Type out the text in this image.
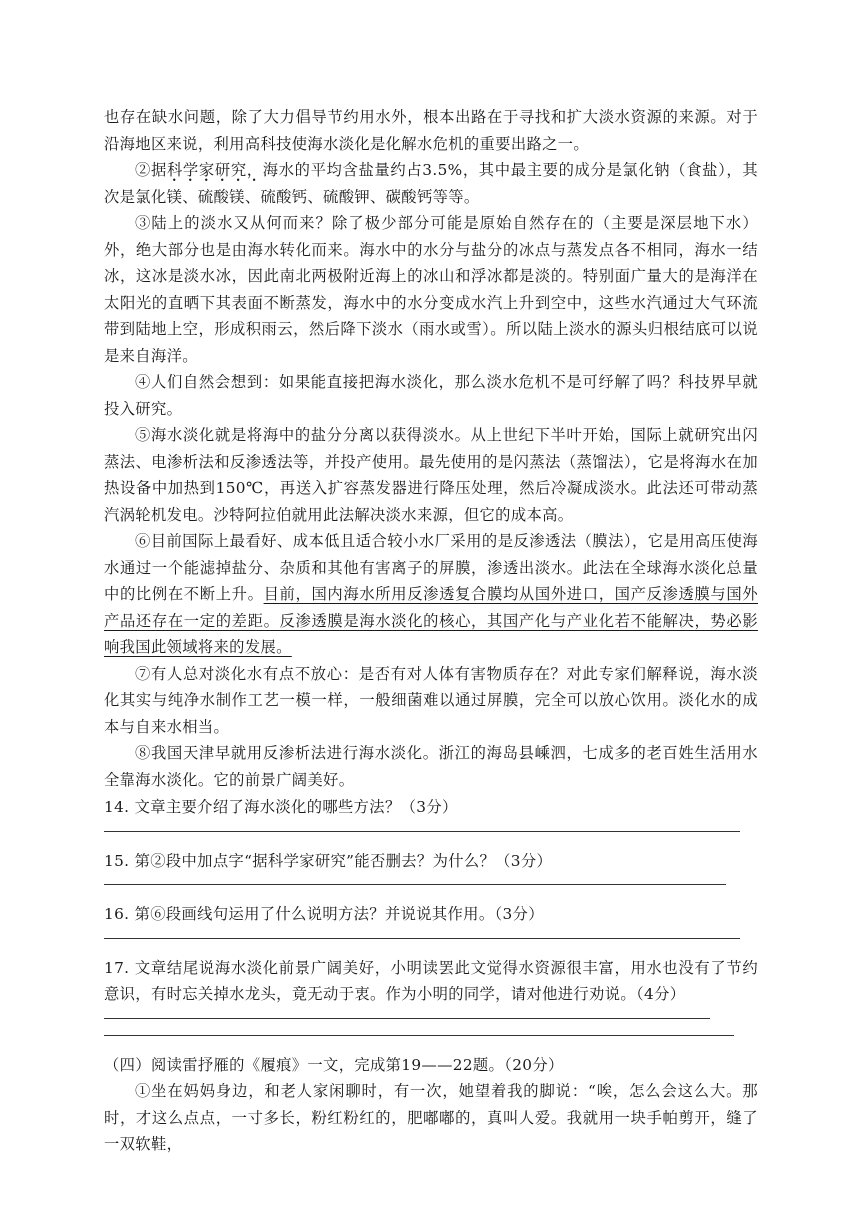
也存在缺水问题，除了大力倡导节约用水外，根本出路在于寻找和扩大淡水资源的来源。对于沿海地区来说，利用高科技使海水淡化是化解水危机的重要出路之一。

②据科学家研究，海水的平均含盐量约占3.5%，其中最主要的成分是氯化钠（食盐），其次是氯化镁、硫酸镁、硫酸钙、硫酸钾、碳酸钙等等。

③陆上的淡水又从何而来？除了极少部分可能是原始自然存在的（主要是深层地下水）外，绝大部分也是由海水转化而来。海水中的水分与盐分的冰点与蒸发点各不相同，海水一结冰，这冰是淡水冰，因此南北两极附近海上的冰山和浮冰都是淡的。特别面广量大的是海洋在太阳光的直晒下其表面不断蒸发，海水中的水分变成水汽上升到空中，这些水汽通过大气环流带到陆地上空，形成积雨云，然后降下淡水（雨水或雪）。所以陆上淡水的源头归根结底可以说是来自海洋。

④人们自然会想到：如果能直接把海水淡化，那么淡水危机不是可纾解了吗？科技界早就投入研究。

⑤海水淡化就是将海中的盐分分离以获得淡水。从上世纪下半叶开始，国际上就研究出闪蒸法、电渗析法和反渗透法等，并投产使用。最先使用的是闪蒸法（蒸馏法），它是将海水在加热设备中加热到150℃，再送入扩容蒸发器进行降压处理，然后冷凝成淡水。此法还可带动蒸汽涡轮机发电。沙特阿拉伯就用此法解决淡水来源，但它的成本高。

⑥目前国际上最看好、成本低且适合较小水厂采用的是反渗透法（膜法），它是用高压使海水通过一个能滤掉盐分、杂质和其他有害离子的屏膜，渗透出淡水。此法在全球海水淡化总量中的比例在不断上升。目前，国内海水所用反渗透复合膜均从国外进口，国产反渗透膜与国外产品还存在一定的差距。反渗透膜是海水淡化的核心，其国产化与产业化若不能解决，势必影响我国此领域将来的发展。

⑦有人总对淡化水有点不放心：是否有对人体有害物质存在？对此专家们解释说，海水淡化其实与纯净水制作工艺一模一样，一般细菌难以通过屏膜，完全可以放心饮用。淡化水的成本与自来水相当。

⑧我国天津早就用反渗析法进行海水淡化。浙江的海岛县嵊泗，七成多的老百姓生活用水全靠海水淡化。它的前景广阔美好。

14. 文章主要介绍了海水淡化的哪些方法？（3分）

15. 第②段中加点字“据科学家研究”能否删去？为什么？（3分）

16. 第⑥段画线句运用了什么说明方法？并说说其作用。（3分）

17. 文章结尾说海水淡化前景广阔美好，小明读罢此文觉得水资源很丰富，用水也没有了节约意识，有时忘关掉水龙头，竟无动于衷。作为小明的同学，请对他进行劝说。（4分）

（四）阅读雷抒雁的《履痕》一文，完成第19——22题。（20分）

①坐在妈妈身边，和老人家闲聊时，有一次，她望着我的脚说：“唉，怎么会这么大。那时，才这么点点，一寸多长，粉红粉红的，肥嘟嘟的，真叫人爱。我就用一块手帕剪开，缝了一双软鞋，
